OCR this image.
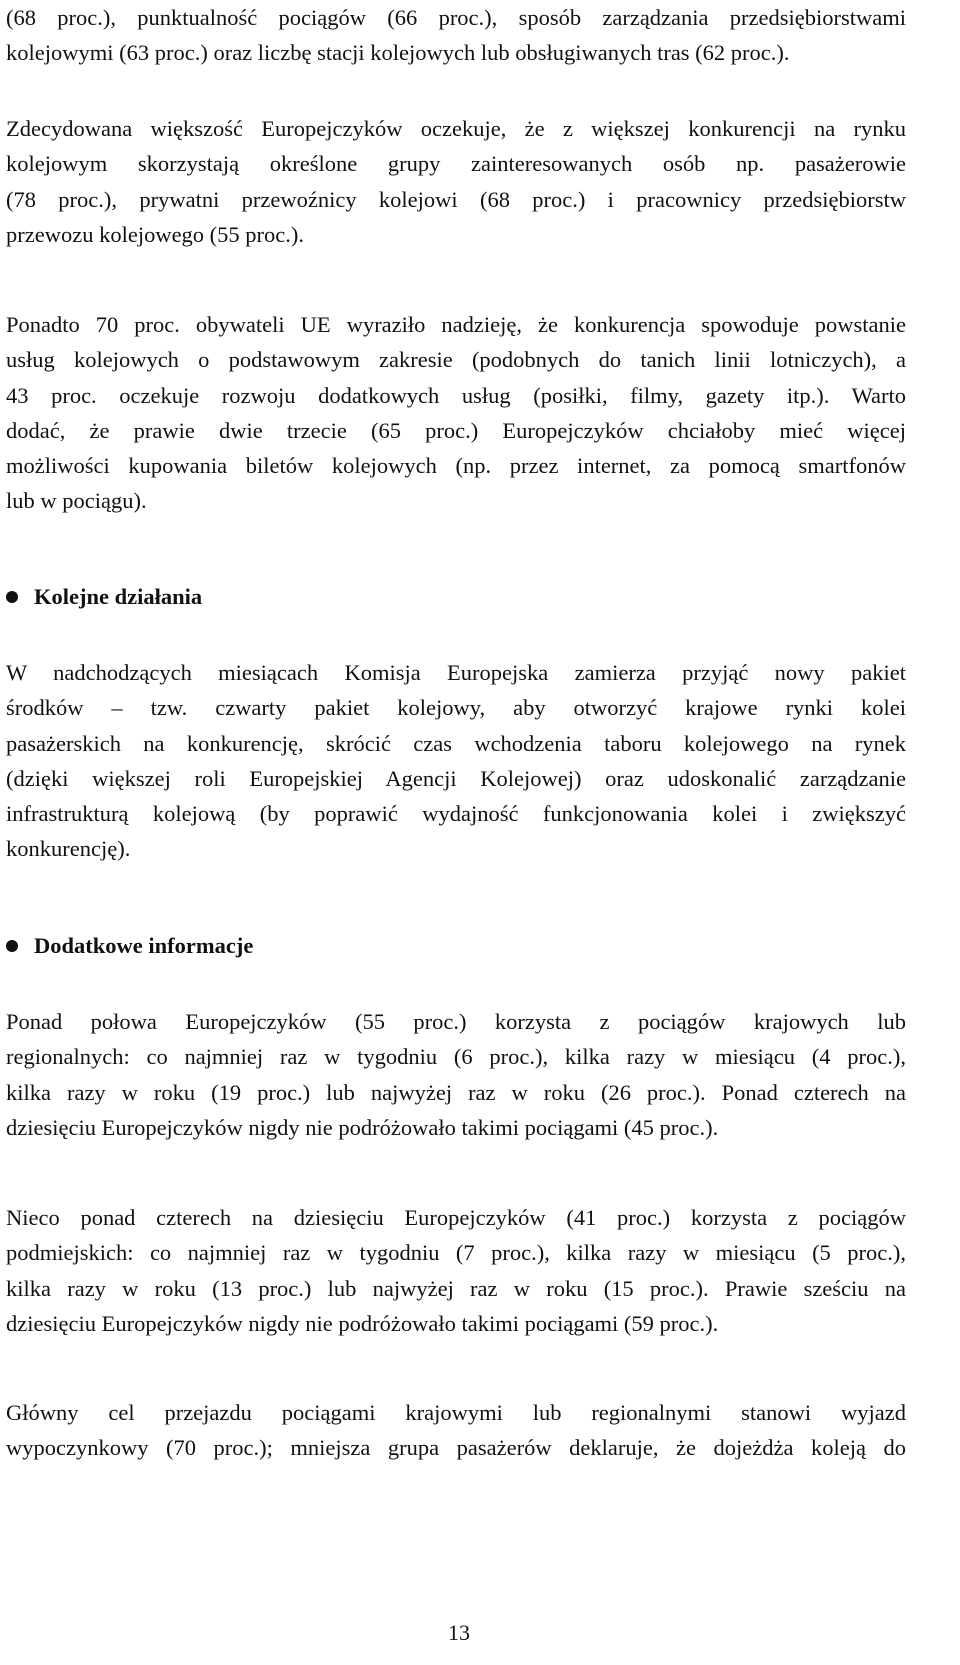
(68 proc.), punktualność pociągów (66 proc.), sposób zarządzania przedsiębiorstwami
kolejowymi (63 proc.) oraz liczbę stacji kolejowych lub obsługiwanych tras (62 proc.).
Zdecydowana większość Europejczyków oczekuje, że z większej konkurencji na rynku
kolejowym skorzystają określone grupy zainteresowanych osób np. pasażerowie
(78 proc.), prywatni przewoźnicy kolejowi (68 proc.) i pracownicy przedsiębiorstw
przewozu kolejowego (55 proc.).
Ponadto 70 proc. obywateli UE wyraziło nadzieję, że konkurencja spowoduje powstanie
usług kolejowych o podstawowym zakresie (podobnych do tanich linii lotniczych), a
43 proc. oczekuje rozwoju dodatkowych usług (posiłki, filmy, gazety itp.). Warto
dodać, że prawie dwie trzecie (65 proc.) Europejczyków chciałoby mieć więcej
możliwości kupowania biletów kolejowych (np. przez internet, za pomocą smartfonów
lub w pociągu).
Kolejne działania
W nadchodzących miesiącach Komisja Europejska zamierza przyjąć nowy pakiet
środków – tzw. czwarty pakiet kolejowy, aby otworzyć krajowe rynki kolei
pasażerskich na konkurencję, skrócić czas wchodzenia taboru kolejowego na rynek
(dzięki większej roli Europejskiej Agencji Kolejowej) oraz udoskonalić zarządzanie
infrastrukturą kolejową (by poprawić wydajność funkcjonowania kolei i zwiększyć
konkurencję).
Dodatkowe informacje
Ponad połowa Europejczyków (55 proc.) korzysta z pociągów krajowych lub
regionalnych: co najmniej raz w tygodniu (6 proc.), kilka razy w miesiącu (4 proc.),
kilka razy w roku (19 proc.) lub najwyżej raz w roku (26 proc.). Ponad czterech na
dziesięciu Europejczyków nigdy nie podróżowało takimi pociągami (45 proc.).
Nieco ponad czterech na dziesięciu Europejczyków (41 proc.) korzysta z pociągów
podmiejskich: co najmniej raz w tygodniu (7 proc.), kilka razy w miesiącu (5 proc.),
kilka razy w roku (13 proc.) lub najwyżej raz w roku (15 proc.). Prawie sześciu na
dziesięciu Europejczyków nigdy nie podróżowało takimi pociągami (59 proc.).
Główny cel przejazdu pociągami krajowymi lub regionalnymi stanowi wyjazd
wypoczynkowy (70 proc.); mniejsza grupa pasażerów deklaruje, że dojeżdża koleją do
13
